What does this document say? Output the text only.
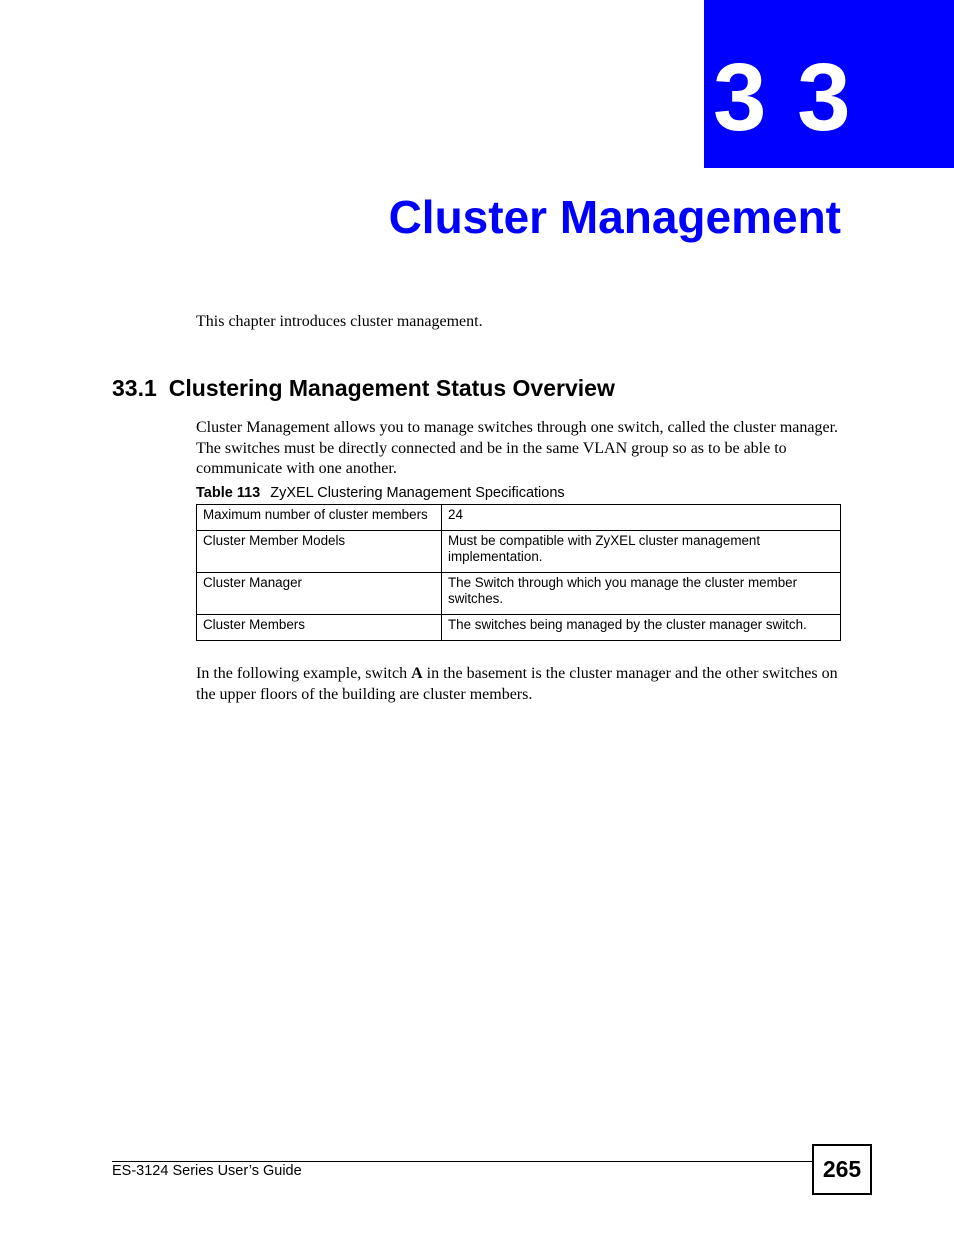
3 3
Cluster Management
This chapter introduces cluster management.
33.1 Clustering Management Status Overview
Cluster Management allows you to manage switches through one switch, called the cluster manager. The switches must be directly connected and be in the same VLAN group so as to be able to communicate with one another.
Table 113 ZyXEL Clustering Management Specifications
Maximum number of cluster members	24
Cluster Member Models	Must be compatible with ZyXEL cluster management implementation.
Cluster Manager	The Switch through which you manage the cluster member switches.
Cluster Members	The switches being managed by the cluster manager switch.
In the following example, switch A in the basement is the cluster manager and the other switches on the upper floors of the building are cluster members.
ES-3124 Series User’s Guide	265
